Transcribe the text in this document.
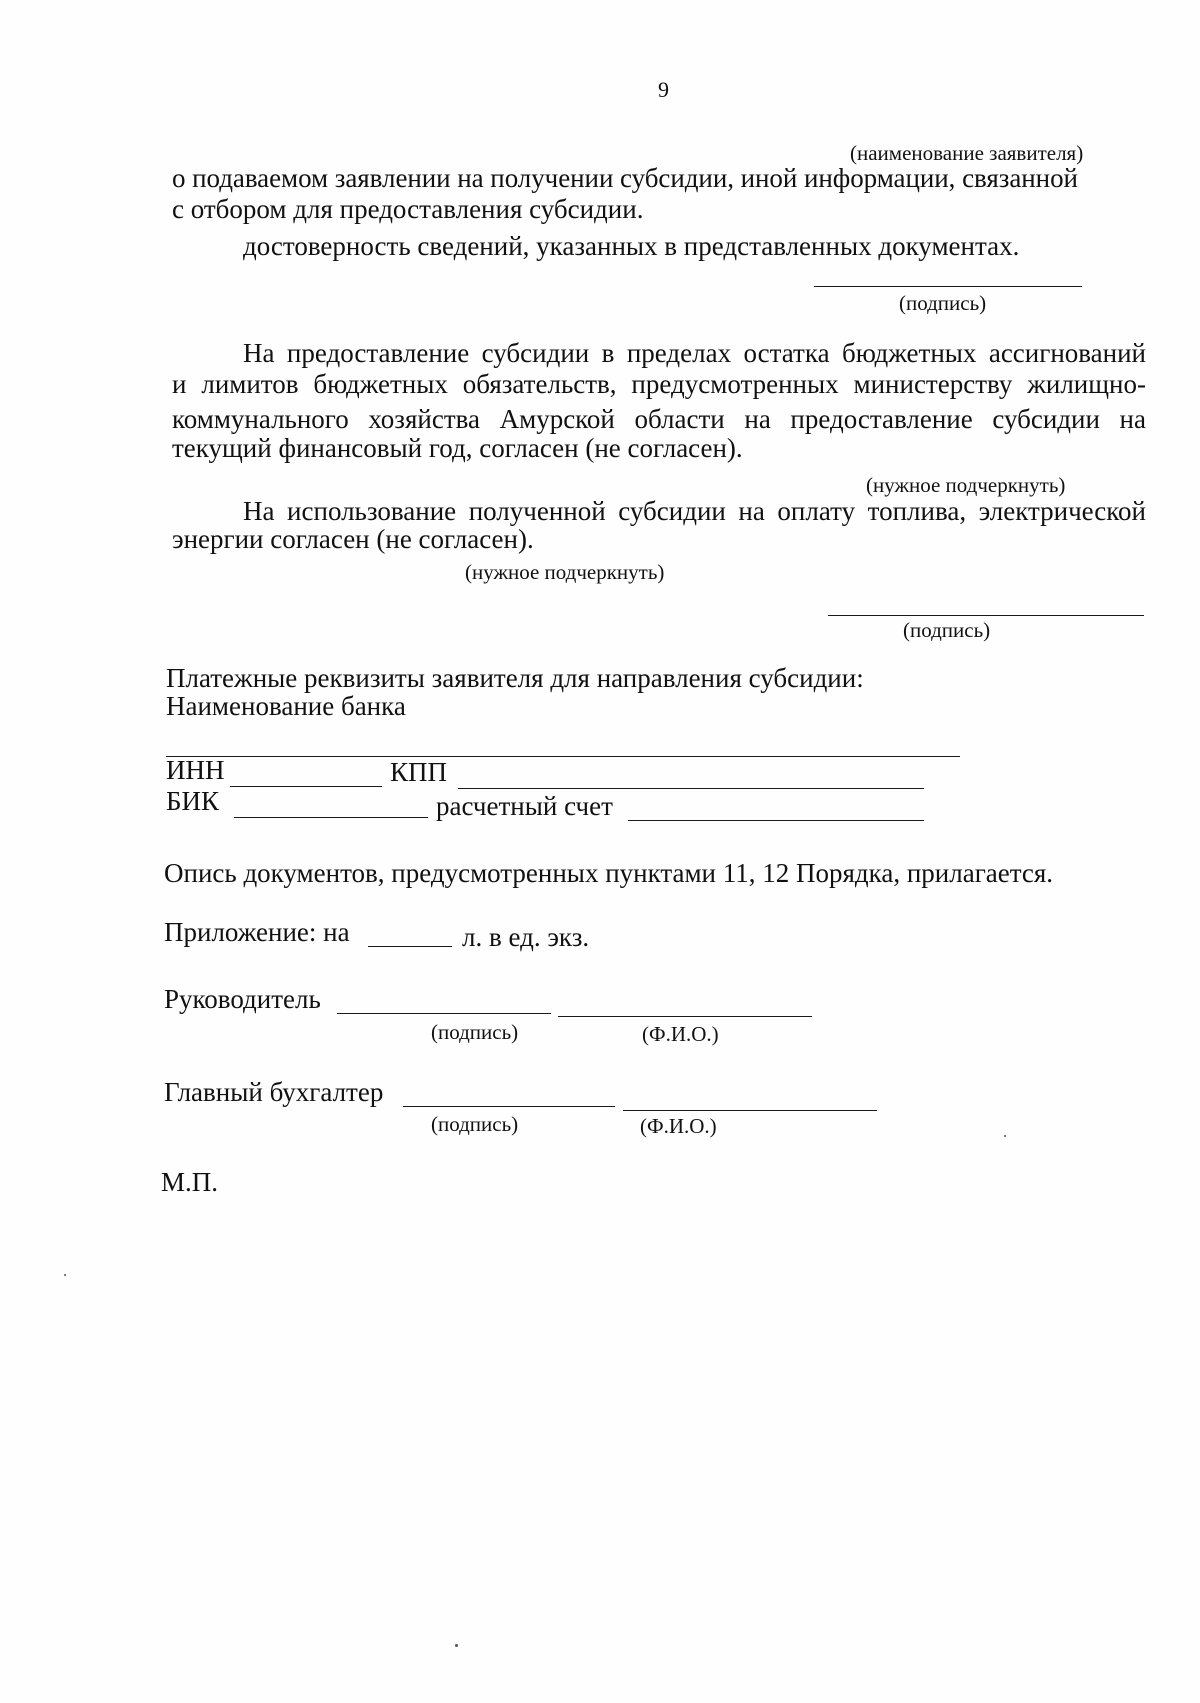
9
(наименование заявителя)
о подаваемом заявлении на получении субсидии, иной информации, связанной
с отбором для предоставления субсидии.
достоверность сведений, указанных в представленных документах.
(подпись)
На предоставление субсидии в пределах остатка бюджетных ассигнований
и лимитов бюджетных обязательств, предусмотренных министерству жилищно-
коммунального хозяйства Амурской области на предоставление субсидии на
текущий финансовый год, согласен (не согласен).
(нужное подчеркнуть)
На использование полученной субсидии на оплату топлива, электрической
энергии согласен (не согласен).
(нужное подчеркнуть)
(подпись)
Платежные реквизиты заявителя для направления субсидии:
Наименование банка
ИНН	КПП
БИК	расчетный счет
Опись документов, предусмотренных пунктами 11, 12 Порядка, прилагается.
Приложение: на	л. в ед. экз.
Руководитель
(подпись)	(Ф.И.О.)
Главный бухгалтер
(подпись)	(Ф.И.О.)
М.П.
